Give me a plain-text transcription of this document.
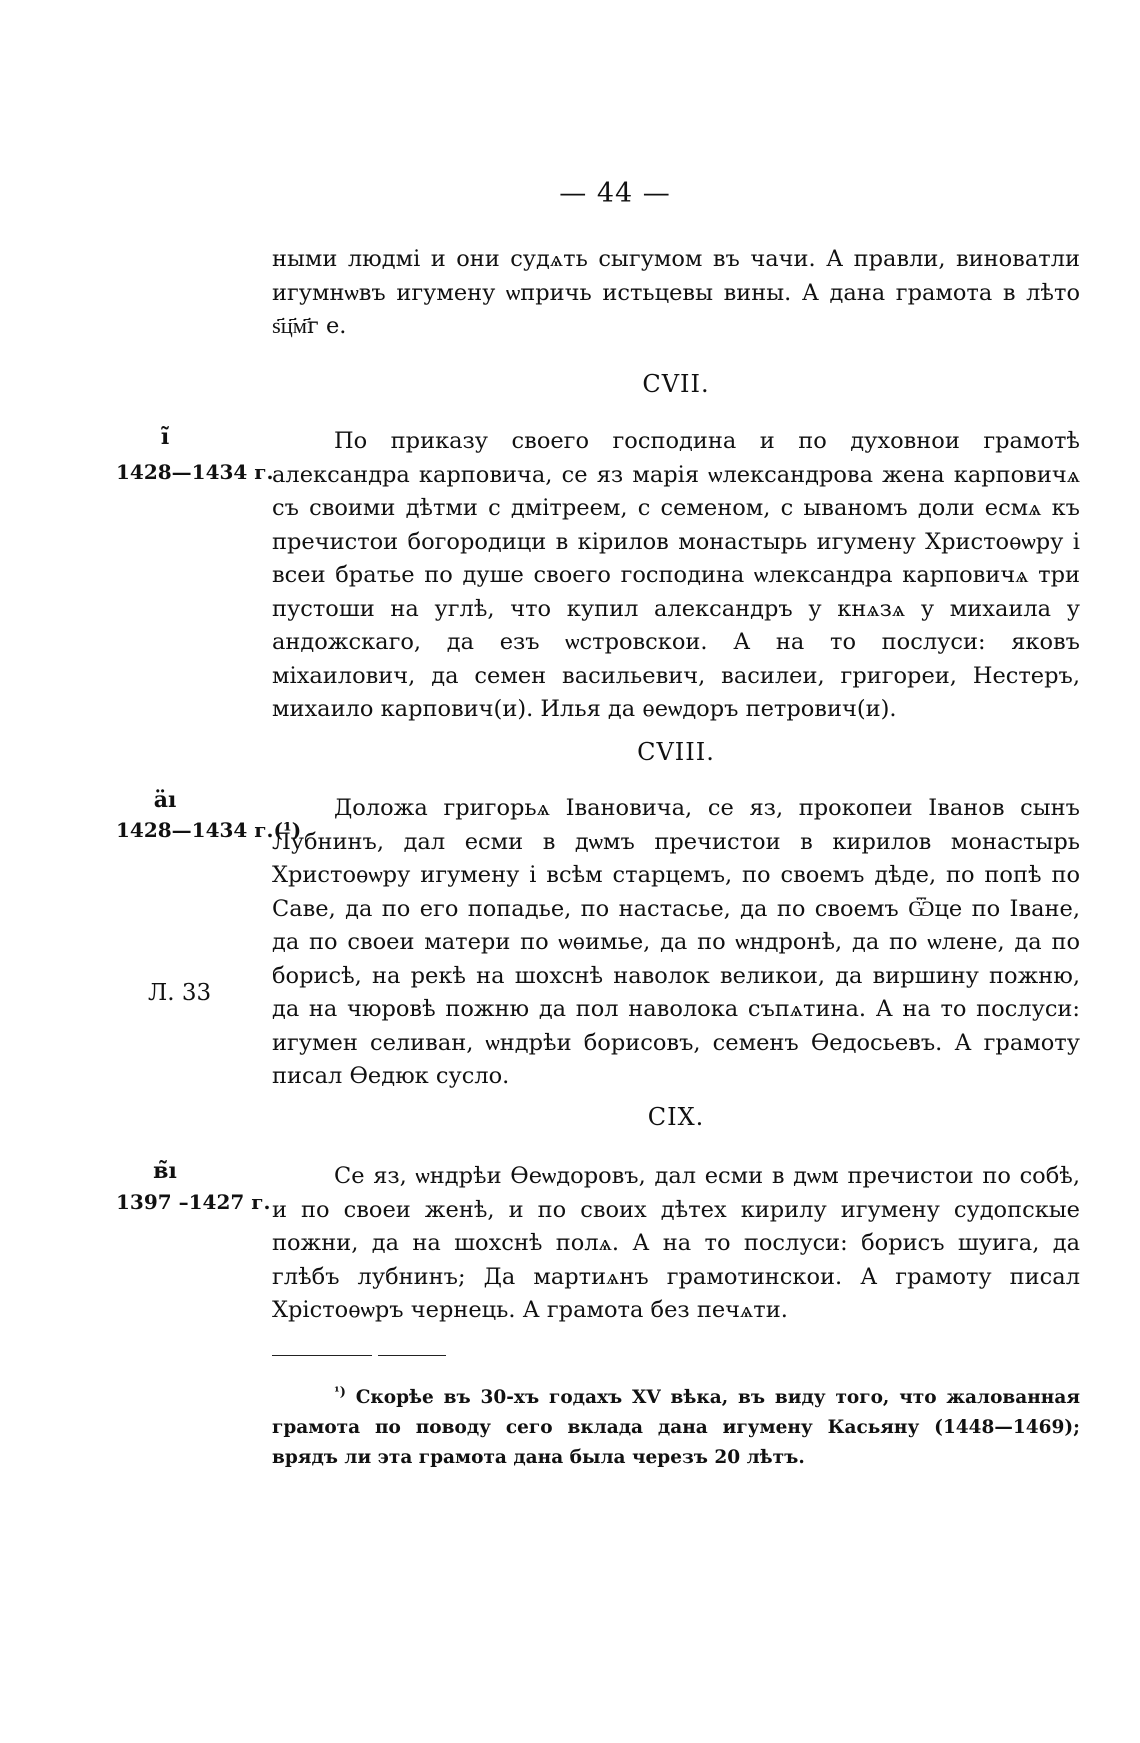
— 44 —

ными людмі и они судѧть сыгумом въ чачи. А правли, виноватли игумнѡвъ игумену ѡпричь истьцевы вины. А дана грамота в лѣто ѕ҃ц҃м҃г е.

CVII.
ı̃
1428—1434 г.

По приказу своего господина и по духовнои грамотѣ александра карповича, се яз марія ѡлександрова жена карповичѧ съ своими дѣтми с дмітреем, с семеном, с ываномъ доли есмѧ къ пречистои богородици в кірилов монастырь игумену Христоѳѡру і всеи братье по душе своего господина ѡлександра карповичѧ три пустоши на углѣ, что купил александръ у кнѧзѧ у михаила у андожскаго, да езъ ѡстровскои. А на то послуси: яковъ міхаилович, да семен васильевич, василеи, григореи, Нестеръ, михаило карпович(и). Илья да ѳеѡдоръ петрович(и).

CVIII.
ӓı
1428—1434 г.(¹)
Л. 33

Доложа григорьѧ Івановича, се яз, прокопеи Іванов сынъ Лубнинъ, дал есми в дѡмъ пречистои в кирилов монастырь Христоѳѡру игумену і всѣм старцемъ, по своемъ дѣде, по попѣ по Саве, да по его попадье, по настасье, да по своемъ Ѿце по Іване, да по своеи матери по ѡѳимье, да по ѡндронѣ, да по ѡлене, да по борисѣ, на рекѣ на шохснѣ наволок великои, да виршину пожню, да на чюровѣ пожню да пол наволока съпѧтина. А на то послуси: игумен селиван, ѡндрѣи борисовъ, семенъ Ѳедосьевъ. А грамоту писал Ѳедюк сусло.

CIX.
в̃ı
1397 –1427 г.

Се яз, ѡндрѣи Ѳеѡдоровъ, дал есми в дѡм пречистои по собѣ, и по своеи женѣ, и по своих дѣтех кирилу игумену судопскые пожни, да на шохснѣ полѧ. А на то послуси: борисъ шуига, да глѣбъ лубнинъ; Да мартиѧнъ грамотинскои. А грамоту писал Хрістоѳѡръ чернець. А грамота без печѧти.

$^{^1)}$ Скорѣе въ 30-хъ годахъ XV вѣка, въ виду того, что жалованная грамота по поводу сего вклада дана игумену Касьяну (1448—1469); врядъ ли эта грамота дана была черезъ 20 лѣтъ.
